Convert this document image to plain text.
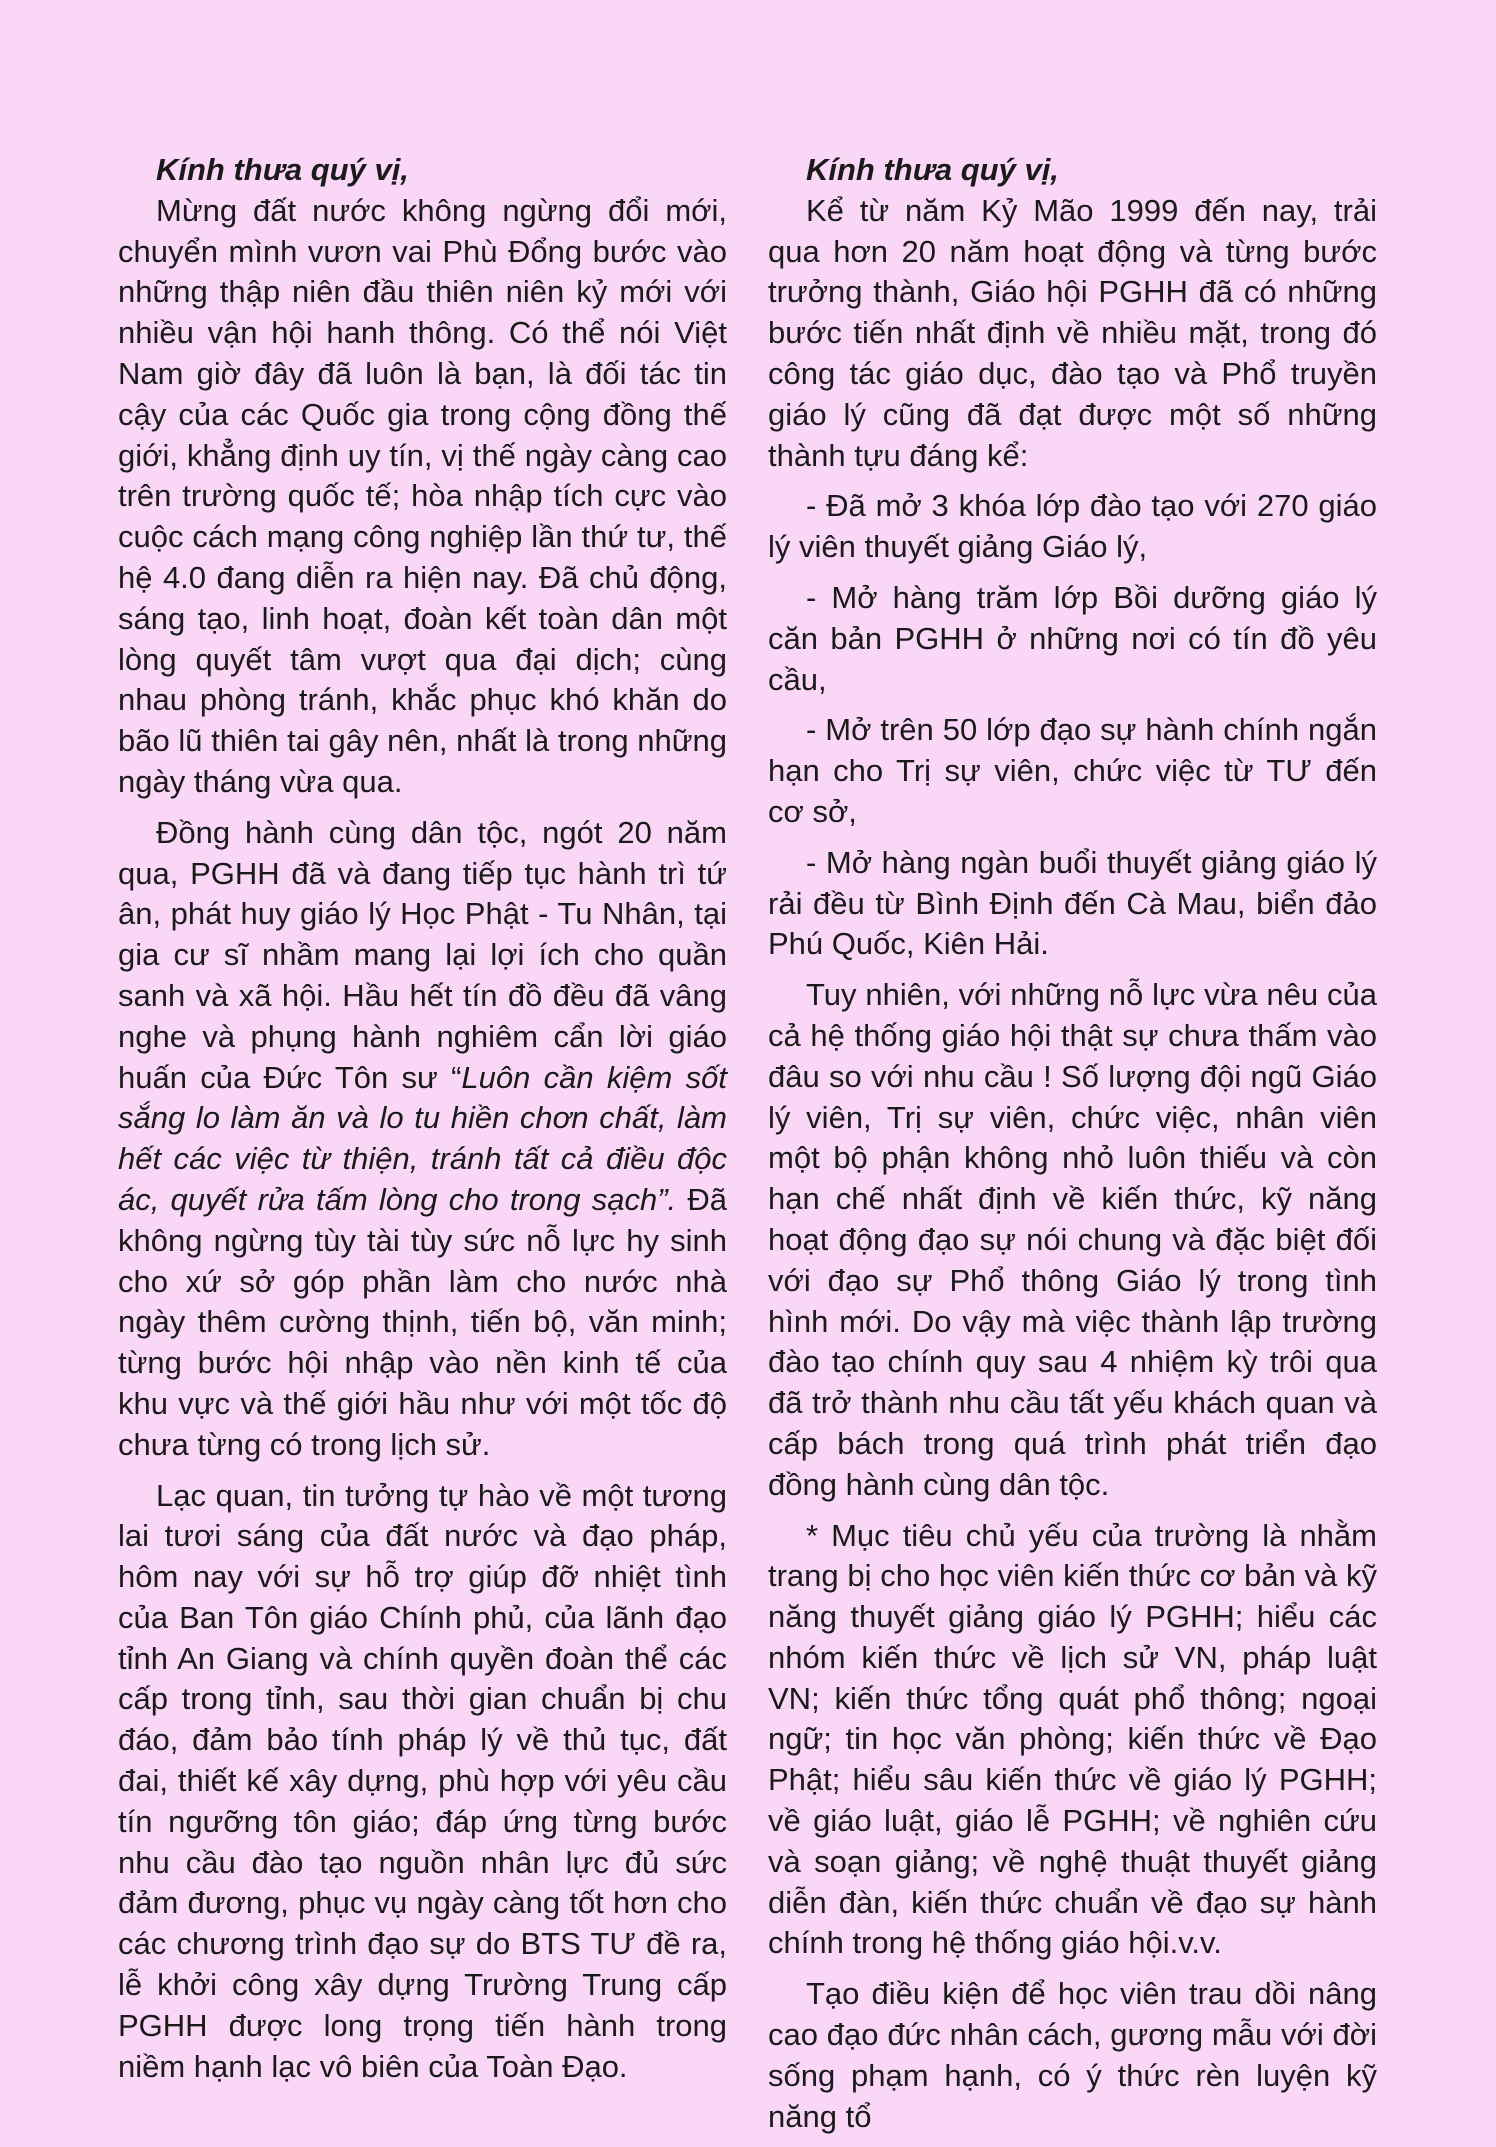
Kính thưa quý vị,

Mừng đất nước không ngừng đổi mới, chuyển mình vươn vai Phù Đổng bước vào những thập niên đầu thiên niên kỷ mới với nhiều vận hội hanh thông. Có thể nói Việt Nam giờ đây đã luôn là bạn, là đối tác tin cậy của các Quốc gia trong cộng đồng thế giới, khẳng định uy tín, vị thế ngày càng cao trên trường quốc tế; hòa nhập tích cực vào cuộc cách mạng công nghiệp lần thứ tư, thế hệ 4.0 đang diễn ra hiện nay. Đã chủ động, sáng tạo, linh hoạt, đoàn kết toàn dân một lòng quyết tâm vượt qua đại dịch; cùng nhau phòng tránh, khắc phục khó khăn do bão lũ thiên tai gây nên, nhất là trong những ngày tháng vừa qua.

Đồng hành cùng dân tộc, ngót 20 năm qua, PGHH đã và đang tiếp tục hành trì tứ ân, phát huy giáo lý Học Phật - Tu Nhân, tại gia cư sĩ nhầm mang lại lợi ích cho quần sanh và xã hội. Hầu hết tín đồ đều đã vâng nghe và phụng hành nghiêm cẩn lời giáo huấn của Đức Tôn sư “Luôn cần kiệm sốt sắng lo làm ăn và lo tu hiền chơn chất, làm hết các việc từ thiện, tránh tất cả điều độc ác, quyết rửa tấm lòng cho trong sạch”. Đã không ngừng tùy tài tùy sức nỗ lực hy sinh cho xứ sở góp phần làm cho nước nhà ngày thêm cường thịnh, tiến bộ, văn minh; từng bước hội nhập vào nền kinh tế của khu vực và thế giới hầu như với một tốc độ chưa từng có trong lịch sử.

Lạc quan, tin tưởng tự hào về một tương lai tươi sáng của đất nước và đạo pháp, hôm nay với sự hỗ trợ giúp đỡ nhiệt tình của Ban Tôn giáo Chính phủ, của lãnh đạo tỉnh An Giang và chính quyền đoàn thể các cấp trong tỉnh, sau thời gian chuẩn bị chu đáo, đảm bảo tính pháp lý về thủ tục, đất đai, thiết kế xây dựng, phù hợp với yêu cầu tín ngưỡng tôn giáo; đáp ứng từng bước nhu cầu đào tạo nguồn nhân lực đủ sức đảm đương, phục vụ ngày càng tốt hơn cho các chương trình đạo sự do BTS TƯ đề ra, lễ khởi công xây dựng Trường Trung cấp PGHH được long trọng tiến hành trong niềm hạnh lạc vô biên của Toàn Đạo.

Kính thưa quý vị,

Kể từ năm Kỷ Mão 1999 đến nay, trải qua hơn 20 năm hoạt động và từng bước trưởng thành, Giáo hội PGHH đã có những bước tiến nhất định về nhiều mặt, trong đó công tác giáo dục, đào tạo và Phổ truyền giáo lý cũng đã đạt được một số những thành tựu đáng kể:

- Đã mở 3 khóa lớp đào tạo với 270 giáo lý viên thuyết giảng Giáo lý,

- Mở hàng trăm lớp Bồi dưỡng giáo lý căn bản PGHH ở những nơi có tín đồ yêu cầu,

- Mở trên 50 lớp đạo sự hành chính ngắn hạn cho Trị sự viên, chức việc từ TƯ đến cơ sở,

- Mở hàng ngàn buổi thuyết giảng giáo lý rải đều từ Bình Định đến Cà Mau, biển đảo Phú Quốc, Kiên Hải.

Tuy nhiên, với những nỗ lực vừa nêu của cả hệ thống giáo hội thật sự chưa thấm vào đâu so với nhu cầu ! Số lượng đội ngũ Giáo lý viên, Trị sự viên, chức việc, nhân viên một bộ phận không nhỏ luôn thiếu và còn hạn chế nhất định về kiến thức, kỹ năng hoạt động đạo sự nói chung và đặc biệt đối với đạo sự Phổ thông Giáo lý trong tình hình mới. Do vậy mà việc thành lập trường đào tạo chính quy sau 4 nhiệm kỳ trôi qua đã trở thành nhu cầu tất yếu khách quan và cấp bách trong quá trình phát triển đạo đồng hành cùng dân tộc.

* Mục tiêu chủ yếu của trường là nhằm trang bị cho học viên kiến thức cơ bản và kỹ năng thuyết giảng giáo lý PGHH; hiểu các nhóm kiến thức về lịch sử VN, pháp luật VN; kiến thức tổng quát phổ thông; ngoại ngữ; tin học văn phòng; kiến thức về Đạo Phật; hiểu sâu kiến thức về giáo lý PGHH; về giáo luật, giáo lễ PGHH; về nghiên cứu và soạn giảng; về nghệ thuật thuyết giảng diễn đàn, kiến thức chuẩn về đạo sự hành chính trong hệ thống giáo hội.v.v.

Tạo điều kiện để học viên trau dồi nâng cao đạo đức nhân cách, gương mẫu với đời sống phạm hạnh, có ý thức rèn luyện kỹ năng tổ
